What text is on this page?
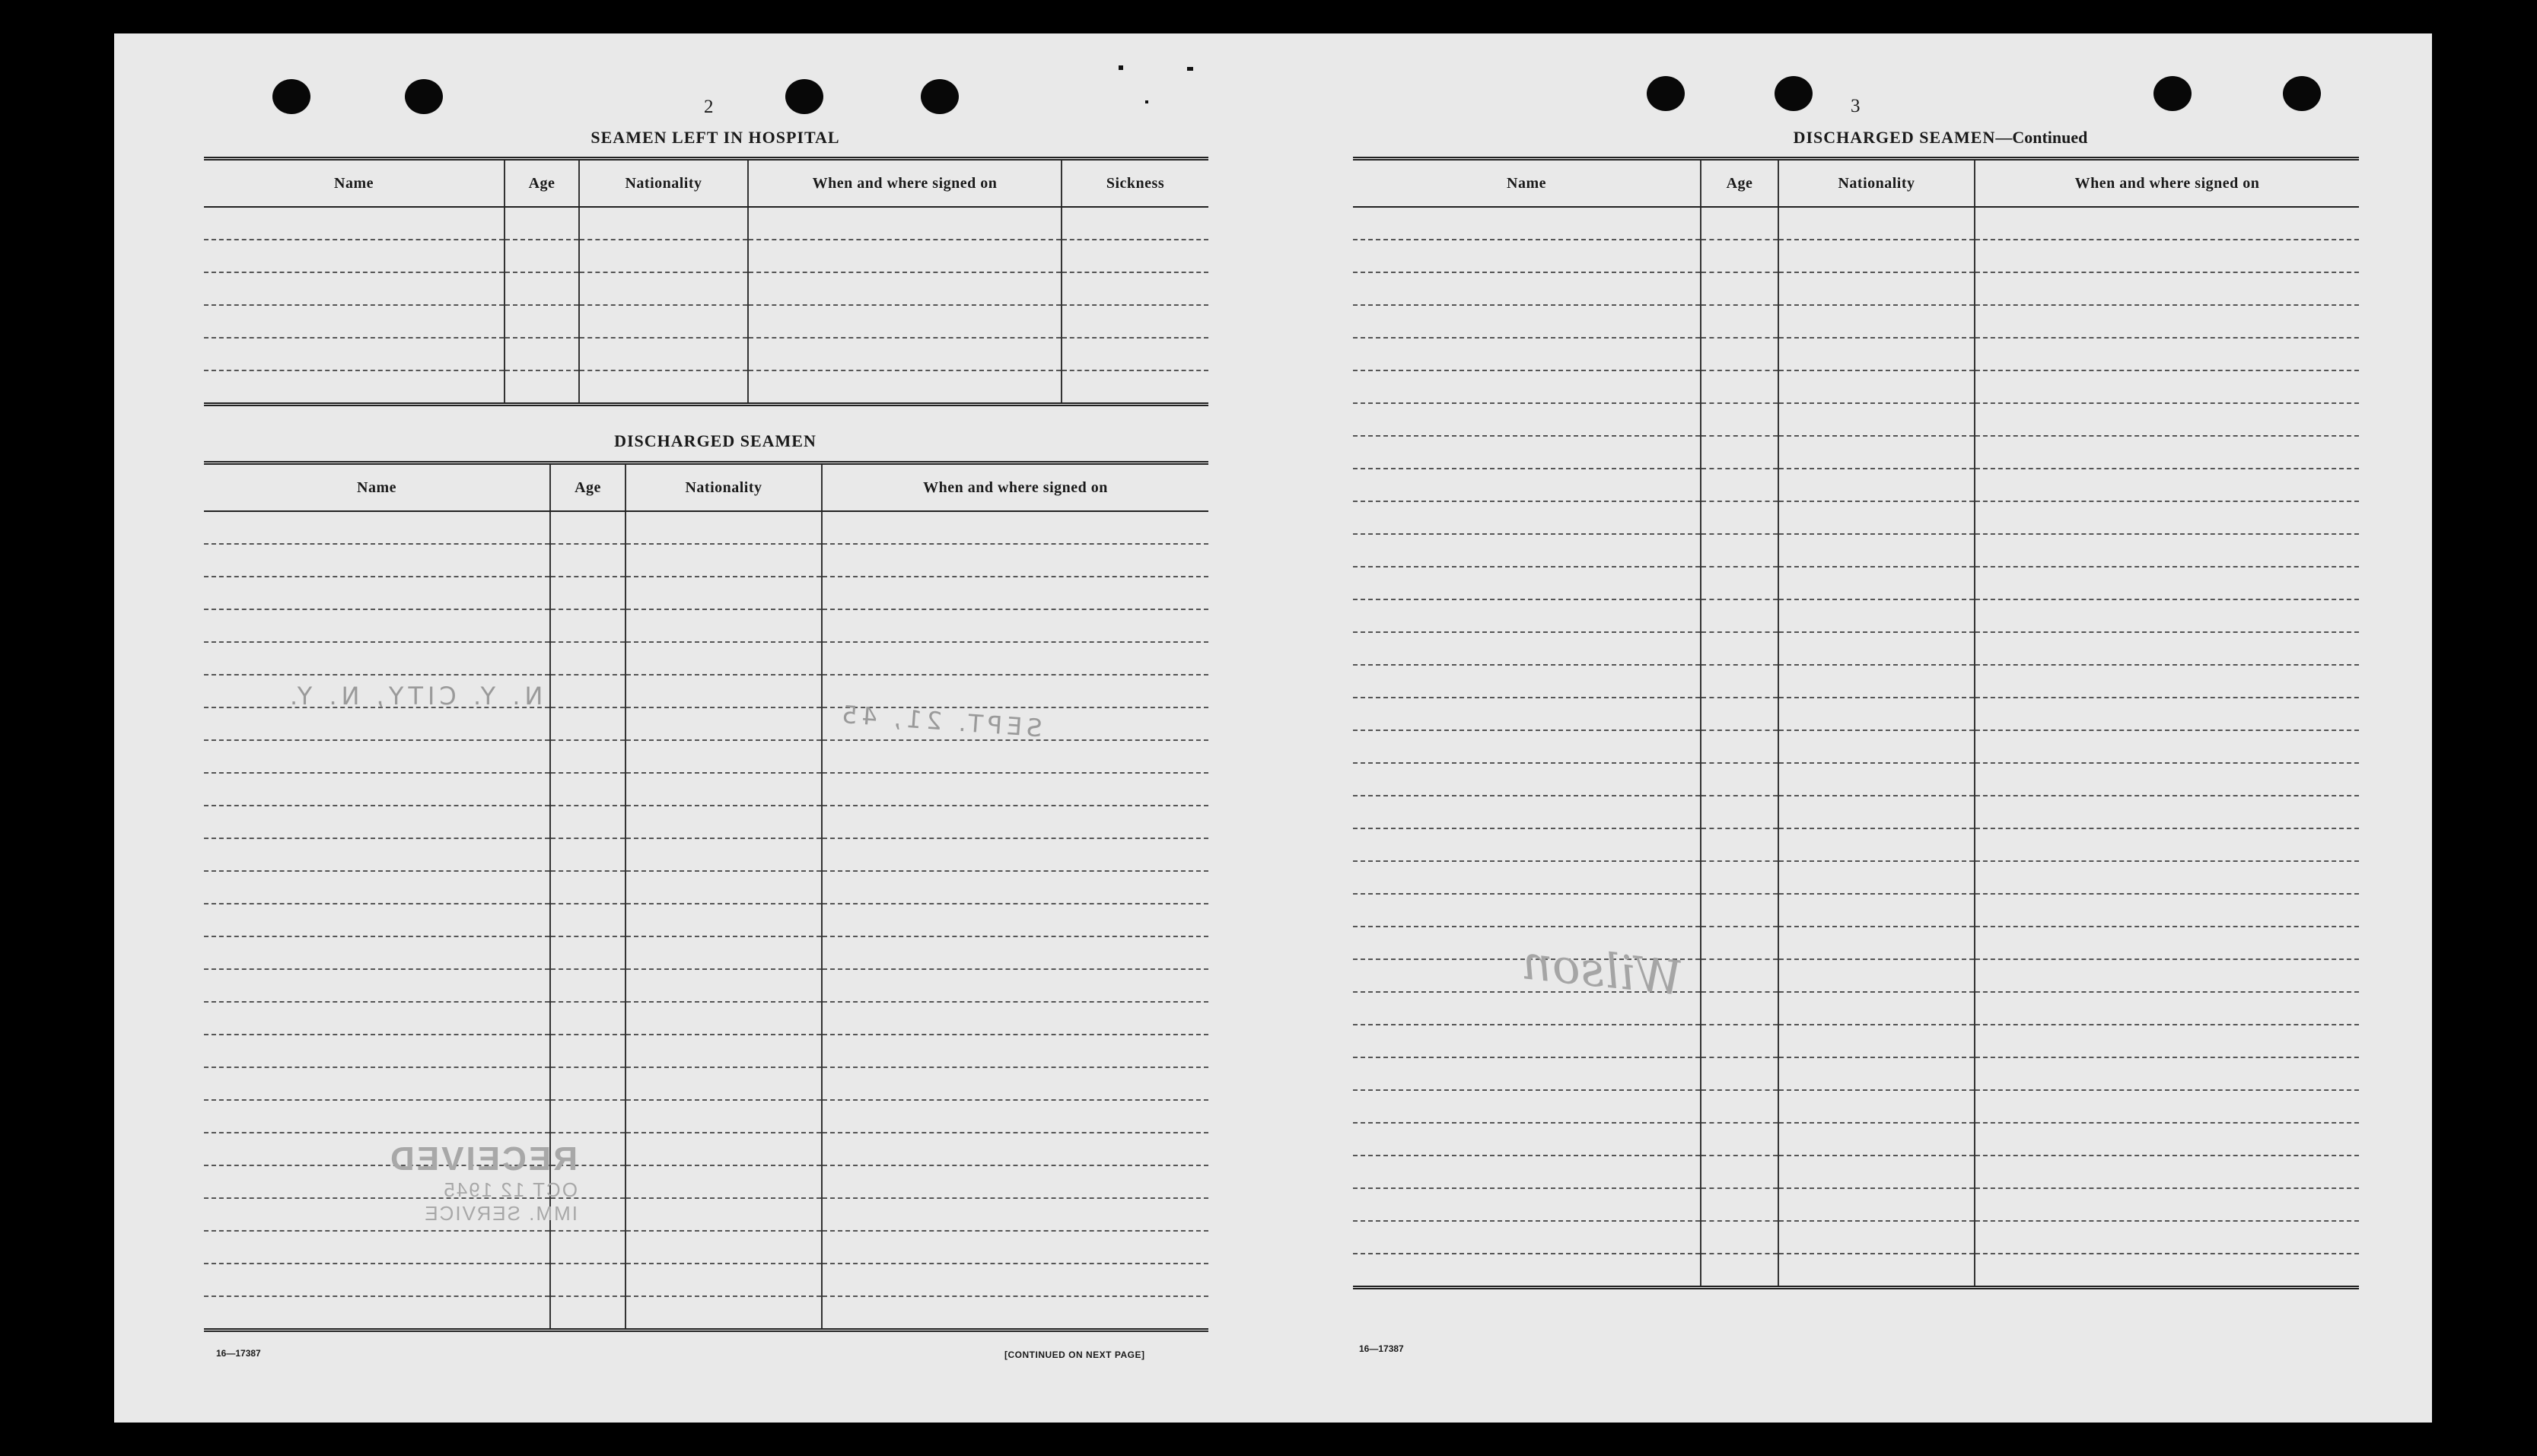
2
SEAMEN LEFT IN HOSPITAL
Name	Age	Nationality	When and where signed on	Sickness

DISCHARGED SEAMEN
Name	Age	Nationality	When and where signed on

N. Y. CITY, N. Y.
SEPT. 21, 45
RECEIVED
OCT 12 1945
IMM. SERVICE
16—17387	[CONTINUED ON NEXT PAGE]
3
DISCHARGED SEAMEN—Continued
Name	Age	Nationality	When and where signed on

Wilson
16—17387
